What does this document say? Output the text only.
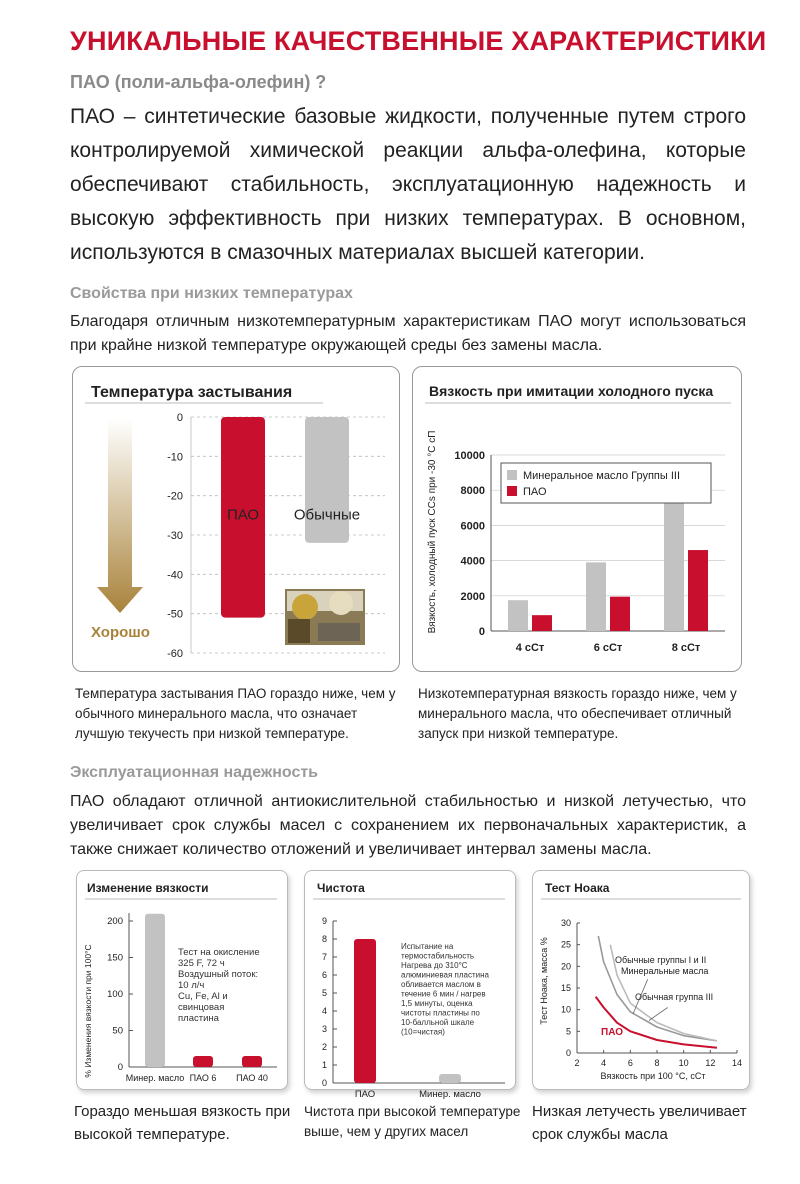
УНИКАЛЬНЫЕ КАЧЕСТВЕННЫЕ ХАРАКТЕРИСТИКИ
ПАО (поли-альфа-олефин) ?
ПАО – синтетические базовые жидкости, полученные путем строго контролируемой химической реакции альфа-олефина, которые обеспечивают стабильность, эксплуатационную надежность и высокую эффективность при низких температурах. В основном, используются в смазочных материалах высшей категории.
Свойства при низких температурах
Благодаря отличным низкотемпературным характеристикам ПАО могут использоваться при крайне низкой температуре окружающей среды без замены масла.
Температура застывания
Хорошо
0
-10
-20
-30
-40
-50
-60
ПАО Обычные
Вязкость при имитации холодного пуска
Вязкость, холодный пуск CCs при -30 °С сП 10000
8000
6000
4000
2000
0
4 сСт	6 сСт	8 сСт
Минеральное масло Группы III
ПАО
Температура застывания ПАО гораздо ниже, чем у обычного минерального масла, что означает лучшую текучесть при низкой температуре.
Низкотемпературная вязкость гораздо ниже, чем у минерального масла, что обеспечивает отличный запуск при низкой температуре.
Эксплуатационная надежность
ПАО обладают отличной антиокислительной стабильностью и низкой летучестью, что увеличивает срок службы масел с сохранением их первоначальных характеристик, а также снижает количество отложений и увеличивает интервал замены масла.
Изменение вязкости
% Изменения вязкости при 100°С
200
150
100
50
0
Минер. масло ПАО 6 ПАО 40
Тест на окисление
325 F, 72 ч
Воздушный поток:
10 л/ч
Cu, Fe, Al и
свинцовая
пластина
Чистота
9
8
7
6
5
4
3
2
1
0
ПАО	Минер. масло
Испытание на
термостабильность
Нагрева до 310°С
алюминиевая пластина
обливается маслом в
течение 6 мин / нагрев
1,5 минуты, оценка
чистоты пластины по
10-балльной шкале
(10=чистая)
Тест Ноака
Тест Ноака, масса %
Вязкость при 100 °С, сСт
30
25
20
15
10
5
0
2 4 6 8 10 12 14
Обычные группы I и II
Минеральные масла
Обычная группа III
ПАО
Гораздо меньшая вязкость при высокой температуре.
Чистота при высокой температуре выше, чем у других масел
Низкая летучесть увеличивает срок службы масла
